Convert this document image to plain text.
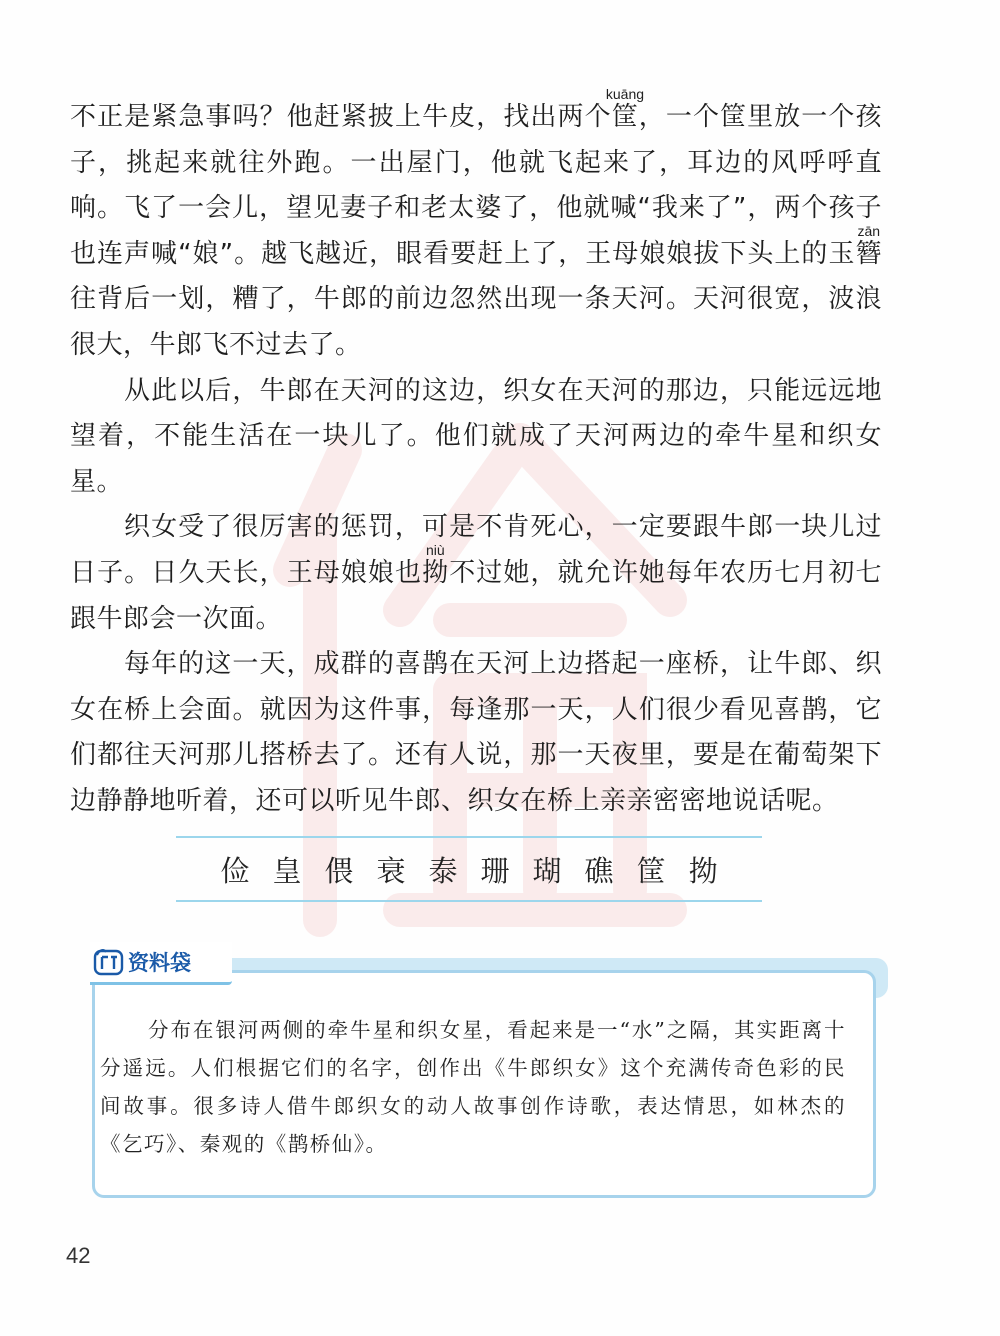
不正是紧急事吗？他赶紧披上牛皮，找出两个筐kuāng，一个筐里放一个孩子，挑起来就往外跑。一出屋门，他就飞起来了，耳边的风呼呼直响。飞了一会儿，望见妻子和老太婆了，他就喊“我来了”，两个孩子也连声喊“娘”。越飞越近，眼看要赶上了，王母娘娘拔下头上的玉簪zān往背后一划，糟了，牛郎的前边忽然出现一条天河。天河很宽，波浪很大，牛郎飞不过去了。

从此以后，牛郎在天河的这边，织女在天河的那边，只能远远地望着，不能生活在一块儿了。他们就成了天河两边的牵牛星和织女星。

织女受了很厉害的惩罚，可是不肯死心，一定要跟牛郎一块儿过日子。日久天长，王母娘娘也拗niù不过她，就允许她每年农历七月初七跟牛郎会一次面。

每年的这一天，成群的喜鹊在天河上边搭起一座桥，让牛郎、织女在桥上会面。就因为这件事，每逢那一天，人们很少看见喜鹊，它们都往天河那儿搭桥去了。还有人说，那一天夜里，要是在葡萄架下边静静地听着，还可以听见牛郎、织女在桥上亲亲密密地说话呢。

俭 皇 偎 衰 泰 珊 瑚 礁 筐 拗
资料袋

分布在银河两侧的牵牛星和织女星，看起来是一“水”之隔，其实距离十分遥远。人们根据它们的名字，创作出《牛郎织女》这个充满传奇色彩的民间故事。很多诗人借牛郎织女的动人故事创作诗歌，表达情思，如林杰的《乞巧》、秦观的《鹊桥仙》。

42
